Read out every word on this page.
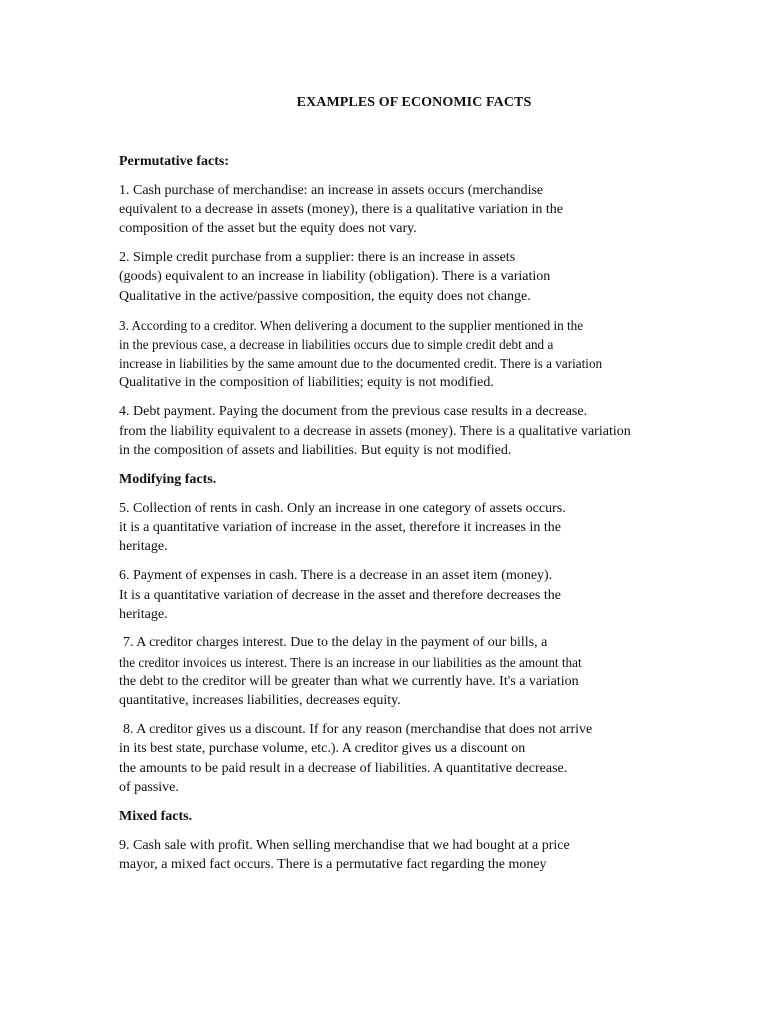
EXAMPLES OF ECONOMIC FACTS
Permutative facts:
1. Cash purchase of merchandise: an increase in assets occurs (merchandise
equivalent to a decrease in assets (money), there is a qualitative variation in the
composition of the asset but the equity does not vary.
2. Simple credit purchase from a supplier: there is an increase in assets
(goods) equivalent to an increase in liability (obligation). There is a variation
Qualitative in the active/passive composition, the equity does not change.
3. According to a creditor. When delivering a document to the supplier mentioned in the
in the previous case, a decrease in liabilities occurs due to simple credit debt and a
increase in liabilities by the same amount due to the documented credit. There is a variation
Qualitative in the composition of liabilities; equity is not modified.
4. Debt payment. Paying the document from the previous case results in a decrease.
from the liability equivalent to a decrease in assets (money). There is a qualitative variation
in the composition of assets and liabilities. But equity is not modified.
Modifying facts.
5. Collection of rents in cash. Only an increase in one category of assets occurs.
it is a quantitative variation of increase in the asset, therefore it increases in the
heritage.
6. Payment of expenses in cash. There is a decrease in an asset item (money).
It is a quantitative variation of decrease in the asset and therefore decreases the
heritage.
7. A creditor charges interest. Due to the delay in the payment of our bills, a
the creditor invoices us interest. There is an increase in our liabilities as the amount that
the debt to the creditor will be greater than what we currently have. It's a variation
quantitative, increases liabilities, decreases equity.
8. A creditor gives us a discount. If for any reason (merchandise that does not arrive
in its best state, purchase volume, etc.). A creditor gives us a discount on
the amounts to be paid result in a decrease of liabilities. A quantitative decrease.
of passive.
Mixed facts.
9. Cash sale with profit. When selling merchandise that we had bought at a price
mayor, a mixed fact occurs. There is a permutative fact regarding the money
